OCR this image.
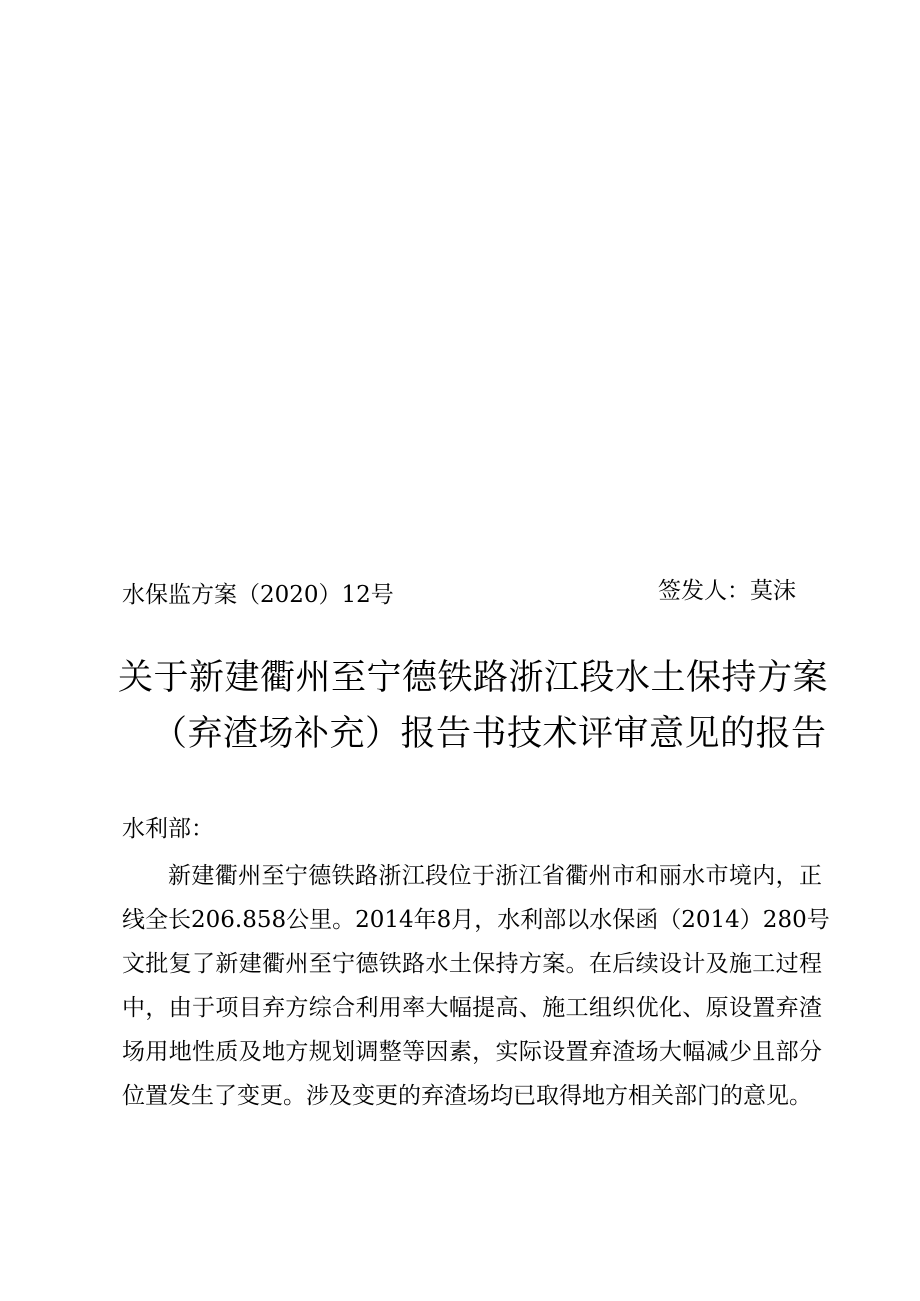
水保监方案（2020）12号	签发人：莫沫
关于新建衢州至宁德铁路浙江段水土保持方案
（弃渣场补充）报告书技术评审意见的报告
水利部：
新建衢州至宁德铁路浙江段位于浙江省衢州市和丽水市境内，正
线全长206.858公里。2014年8月，水利部以水保函（2014）280号
文批复了新建衢州至宁德铁路水土保持方案。在后续设计及施工过程
中，由于项目弃方综合利用率大幅提高、施工组织优化、原设置弃渣
场用地性质及地方规划调整等因素，实际设置弃渣场大幅减少且部分
位置发生了变更。涉及变更的弃渣场均已取得地方相关部门的意见。
